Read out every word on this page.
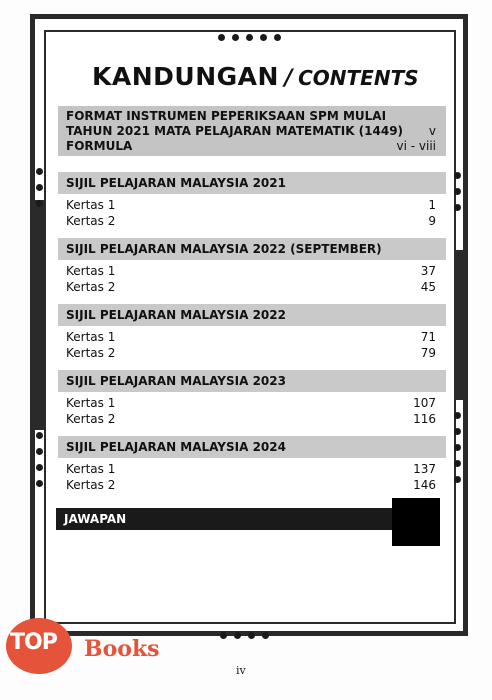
KANDUNGAN / CONTENTS
FORMAT INSTRUMEN PEPERIKSAAN SPM MULAI
TAHUN 2021 MATA PELAJARAN MATEMATIK (1449) v
FORMULA	vi - viii
SIJIL PELAJARAN MALAYSIA 2021
Kertas 1	1
Kertas 2	9
SIJIL PELAJARAN MALAYSIA 2022 (SEPTEMBER)
Kertas 1	37
Kertas 2	45
SIJIL PELAJARAN MALAYSIA 2022
Kertas 1	71
Kertas 2	79
SIJIL PELAJARAN MALAYSIA 2023
Kertas 1	107
Kertas 2	116
SIJIL PELAJARAN MALAYSIA 2024
Kertas 1	137
Kertas 2	146
JAWAPAN
iv
TOP Books
